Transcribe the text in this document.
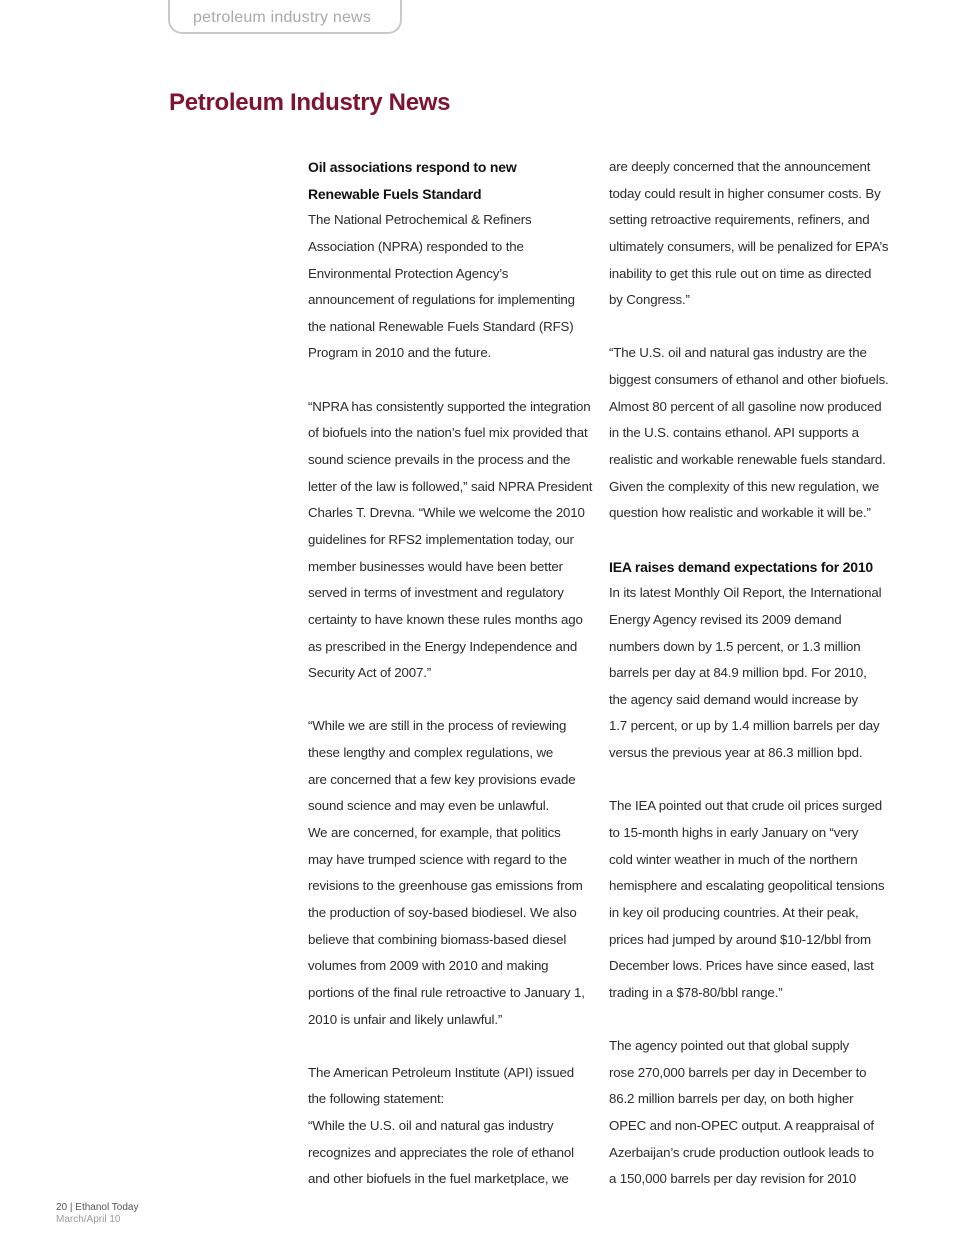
petroleum industry news
Petroleum Industry News
Oil associations respond to new
Renewable Fuels Standard
The National Petrochemical & Refiners
Association (NPRA) responded to the
Environmental Protection Agency’s
announcement of regulations for implementing
the national Renewable Fuels Standard (RFS)
Program in 2010 and the future.
“NPRA has consistently supported the integration
of biofuels into the nation’s fuel mix provided that
sound science prevails in the process and the
letter of the law is followed,” said NPRA President
Charles T. Drevna. “While we welcome the 2010
guidelines for RFS2 implementation today, our
member businesses would have been better
served in terms of investment and regulatory
certainty to have known these rules months ago
as prescribed in the Energy Independence and
Security Act of 2007.”
“While we are still in the process of reviewing
these lengthy and complex regulations, we
are concerned that a few key provisions evade
sound science and may even be unlawful.
We are concerned, for example, that politics
may have trumped science with regard to the
revisions to the greenhouse gas emissions from
the production of soy-based biodiesel. We also
believe that combining biomass-based diesel
volumes from 2009 with 2010 and making
portions of the final rule retroactive to January 1,
2010 is unfair and likely unlawful.”
The American Petroleum Institute (API) issued
the following statement:
“While the U.S. oil and natural gas industry
recognizes and appreciates the role of ethanol
and other biofuels in the fuel marketplace, we
are deeply concerned that the announcement
today could result in higher consumer costs. By
setting retroactive requirements, refiners, and
ultimately consumers, will be penalized for EPA’s
inability to get this rule out on time as directed
by Congress.”
“The U.S. oil and natural gas industry are the
biggest consumers of ethanol and other biofuels.
Almost 80 percent of all gasoline now produced
in the U.S. contains ethanol. API supports a
realistic and workable renewable fuels standard.
Given the complexity of this new regulation, we
question how realistic and workable it will be.”
IEA raises demand expectations for 2010
In its latest Monthly Oil Report, the International
Energy Agency revised its 2009 demand
numbers down by 1.5 percent, or 1.3 million
barrels per day at 84.9 million bpd. For 2010,
the agency said demand would increase by
1.7 percent, or up by 1.4 million barrels per day
versus the previous year at 86.3 million bpd.
The IEA pointed out that crude oil prices surged
to 15-month highs in early January on “very
cold winter weather in much of the northern
hemisphere and escalating geopolitical tensions
in key oil producing countries. At their peak,
prices had jumped by around $10-12/bbl from
December lows. Prices have since eased, last
trading in a $78-80/bbl range.”
The agency pointed out that global supply
rose 270,000 barrels per day in December to
86.2 million barrels per day, on both higher
OPEC and non-OPEC output. A reappraisal of
Azerbaijan’s crude production outlook leads to
a 150,000 barrels per day revision for 2010
20 | Ethanol Today
March/April 10
